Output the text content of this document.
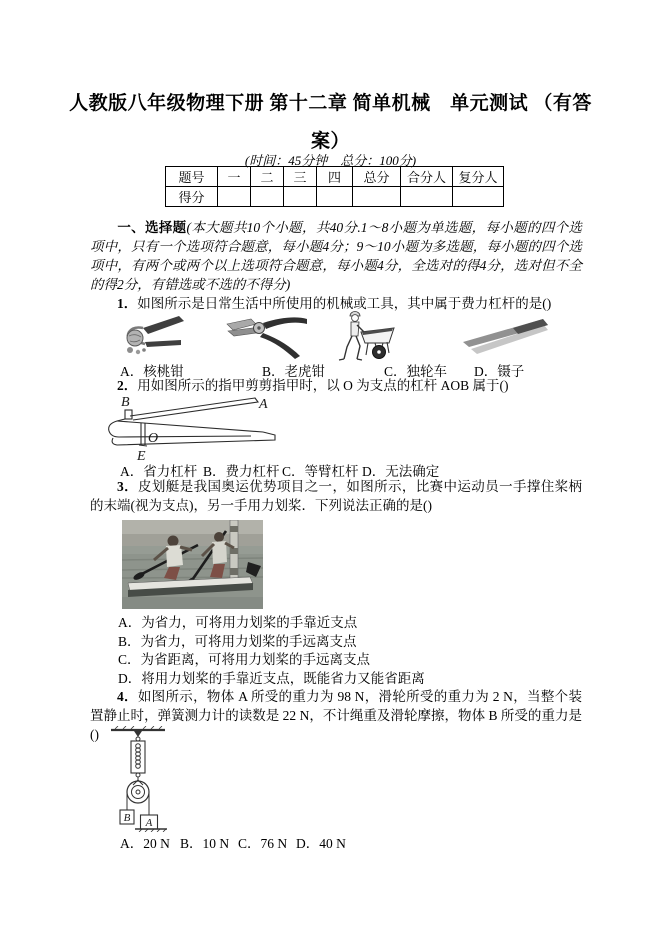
人教版八年级物理下册 第十二章 简单机械　单元测试 （有答
案）
(时间：45分钟　总分：100分)
题号	一	二	三	四	总分	合分人	复分人
得分							
一、选择题(本大题共10个小题，共40分.1～8小题为单选题，每小题的四个选项中，只有一个选项符合题意，每小题4分；9～10小题为多选题，每小题的四个选项中，有两个或两个以上选项符合题意，每小题4分，全选对的得4分，选对但不全的得2分，有错选或不选的不得分)
1．如图所示是日常生活中所使用的机械或工具，其中属于费力杠杆的是()
A．核桃钳	B．老虎钳	C．独轮车 D．镊子
2．用如图所示的指甲剪剪指甲时，以 O 为支点的杠杆 AOB 属于()
B	A
O
E
A．省力杠杆 B．费力杠杆 C．等臂杠杆 D．无法确定
3．皮划艇是我国奥运优势项目之一，如图所示，比赛中运动员一手撑住桨柄的末端(视为支点)，另一手用力划桨．下列说法正确的是()
A．为省力，可将用力划桨的手靠近支点
B．为省力，可将用力划桨的手远离支点
C．为省距离，可将用力划桨的手远离支点
D．将用力划桨的手靠近支点，既能省力又能省距离
4．如图所示，物体 A 所受的重力为 98 N，滑轮所受的重力为 2 N，当整个装置静止时，弹簧测力计的读数是 22 N，不计绳重及滑轮摩擦，物体 B 所受的重力是()
B A
A．20 N B．10 N C．76 N D．40 N
